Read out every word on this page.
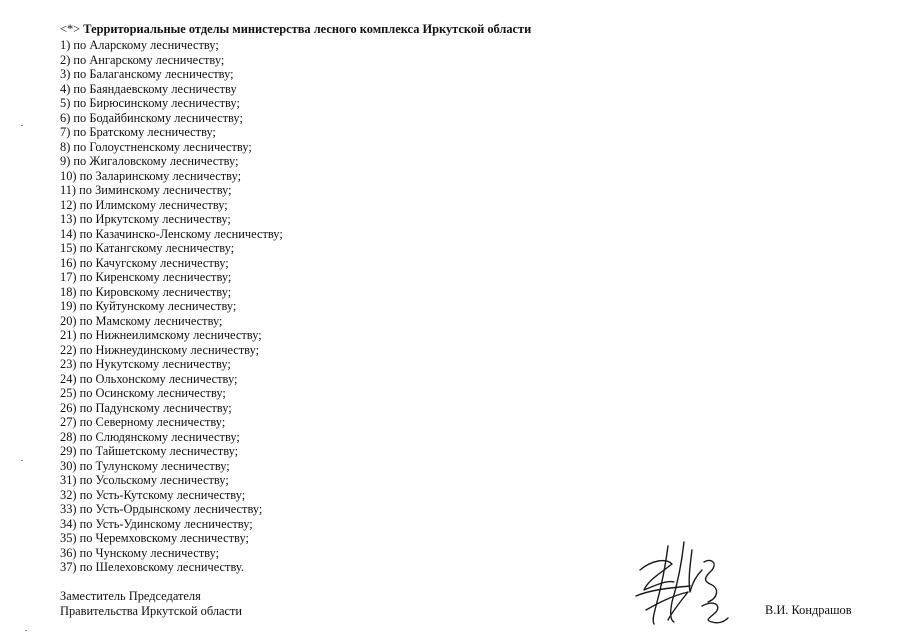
<*> Территориальные отделы министерства лесного комплекса Иркутской области
1) по Аларскому лесничеству;
2) по Ангарскому лесничеству;
3) по Балаганскому лесничеству;
4) по Баяндаевскому лесничеству
5) по Бирюсинскому лесничеству;
6) по Бодайбинскому лесничеству;
7) по Братскому лесничеству;
8) по Голоустненскому лесничеству;
9) по Жигаловскому лесничеству;
10) по Заларинскому лесничеству;
11) по Зиминскому лесничеству;
12) по Илимскому лесничеству;
13) по Иркутскому лесничеству;
14) по Казачинско-Ленскому лесничеству;
15) по Катангскому лесничеству;
16) по Качугскому лесничеству;
17) по Киренскому лесничеству;
18) по Кировскому лесничеству;
19) по Куйтунскому лесничеству;
20) по Мамскому лесничеству;
21) по Нижнеилимскому лесничеству;
22) по Нижнеудинскому лесничеству;
23) по Нукутскому лесничеству;
24) по Ольхонскому лесничеству;
25) по Осинскому лесничеству;
26) по Падунскому лесничеству;
27) по Северному лесничеству;
28) по Слюдянскому лесничеству;
29) по Тайшетскому лесничеству;
30) по Тулунскому лесничеству;
31) по Усольскому лесничеству;
32) по Усть-Кутскому лесничеству;
33) по Усть-Ордынскому лесничеству;
34) по Усть-Удинскому лесничеству;
35) по Черемховскому лесничеству;
36) по Чунскому лесничеству;
37) по Шелеховскому лесничеству.
Заместитель Председателя
Правительства Иркутской области	В.И. Кондрашов
